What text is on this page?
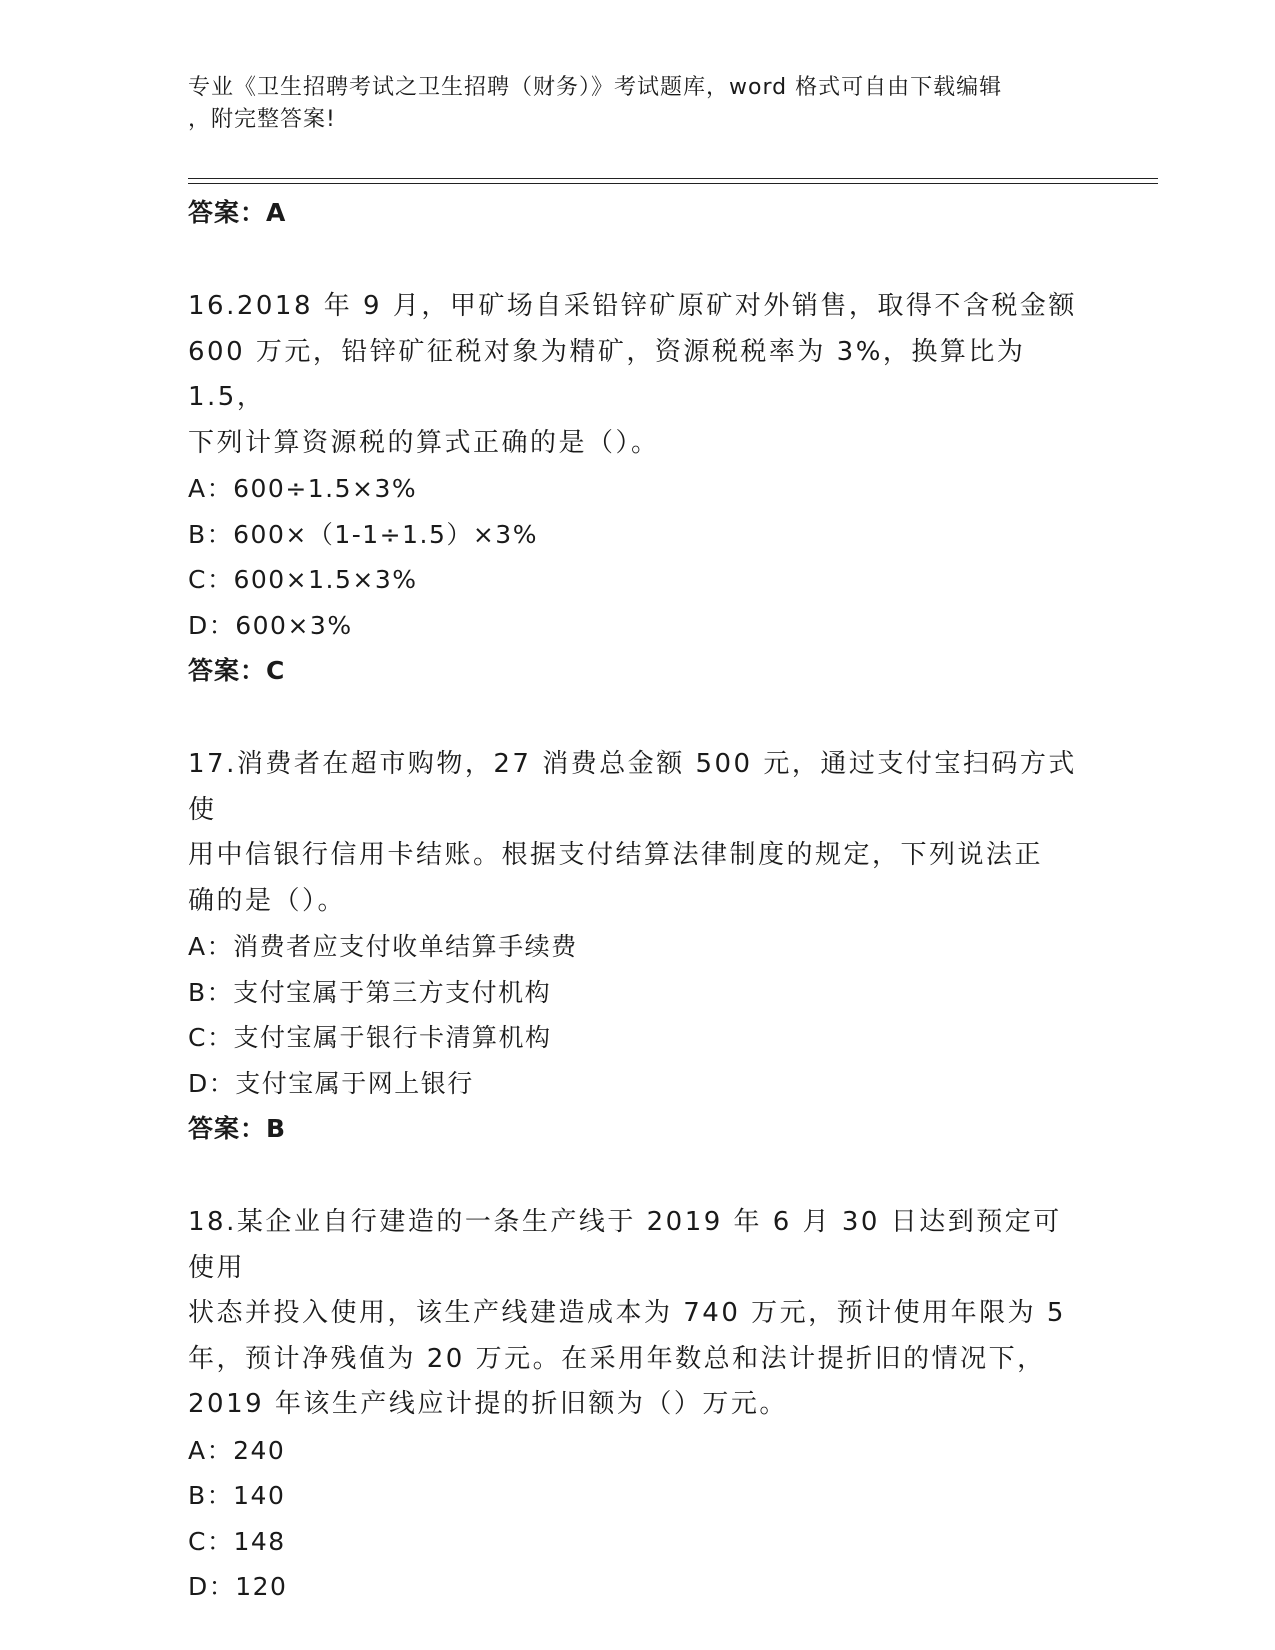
专业《卫生招聘考试之卫生招聘（财务）》考试题库，word 格式可自由下载编辑
，附完整答案!
答案：A
16.2018 年 9 月，甲矿场自采铅锌矿原矿对外销售，取得不含税金额
600 万元，铅锌矿征税对象为精矿，资源税税率为 3%，换算比为 1.5，
下列计算资源税的算式正确的是（）。
A：600÷1.5×3%
B：600×（1-1÷1.5）×3%
C：600×1.5×3%
D：600×3%
答案：C
17.消费者在超市购物，27 消费总金额 500 元，通过支付宝扫码方式使
用中信银行信用卡结账。根据支付结算法律制度的规定，下列说法正
确的是（）。
A：消费者应支付收单结算手续费
B：支付宝属于第三方支付机构
C：支付宝属于银行卡清算机构
D：支付宝属于网上银行
答案：B
18.某企业自行建造的一条生产线于 2019 年 6 月 30 日达到预定可使用
状态并投入使用，该生产线建造成本为 740 万元，预计使用年限为 5
年，预计净残值为 20 万元。在采用年数总和法计提折旧的情况下，
2019 年该生产线应计提的折旧额为（）万元。
A：240
B：140
C：148
D：120
